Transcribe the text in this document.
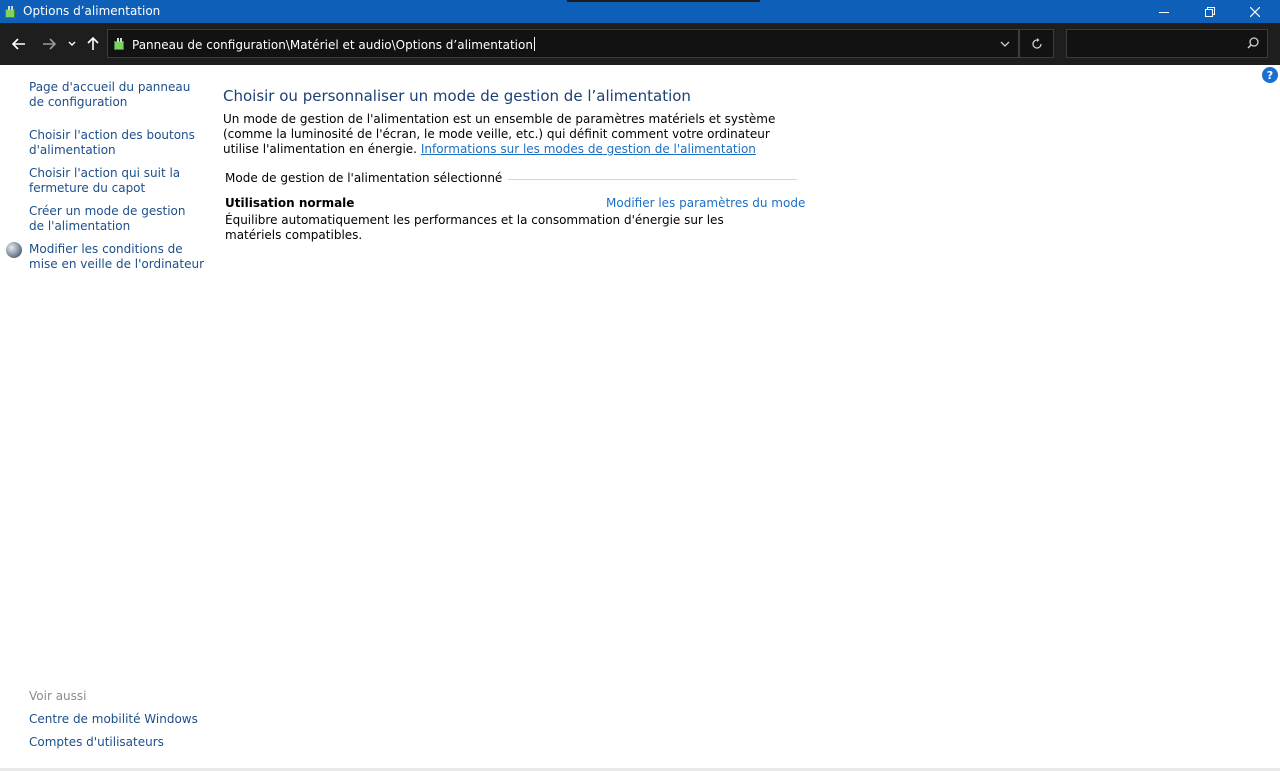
Options d’alimentation
Panneau de configuration\Matériel et audio\Options d’alimentation
?
Page d'accueil du panneau de configuration
Choisir l'action des boutons d'alimentation
Choisir l'action qui suit la fermeture du capot
Créer un mode de gestion de l'alimentation
Modifier les conditions de mise en veille de l'ordinateur
Voir aussi
Centre de mobilité Windows
Comptes d'utilisateurs
Choisir ou personnaliser un mode de gestion de l’alimentation
Un mode de gestion de l'alimentation est un ensemble de paramètres matériels et système (comme la luminosité de l'écran, le mode veille, etc.) qui définit comment votre ordinateur utilise l'alimentation en énergie. Informations sur les modes de gestion de l'alimentation
Mode de gestion de l'alimentation sélectionné
Utilisation normale	Modifier les paramètres du mode
Équilibre automatiquement les performances et la consommation d'énergie sur les matériels compatibles.
